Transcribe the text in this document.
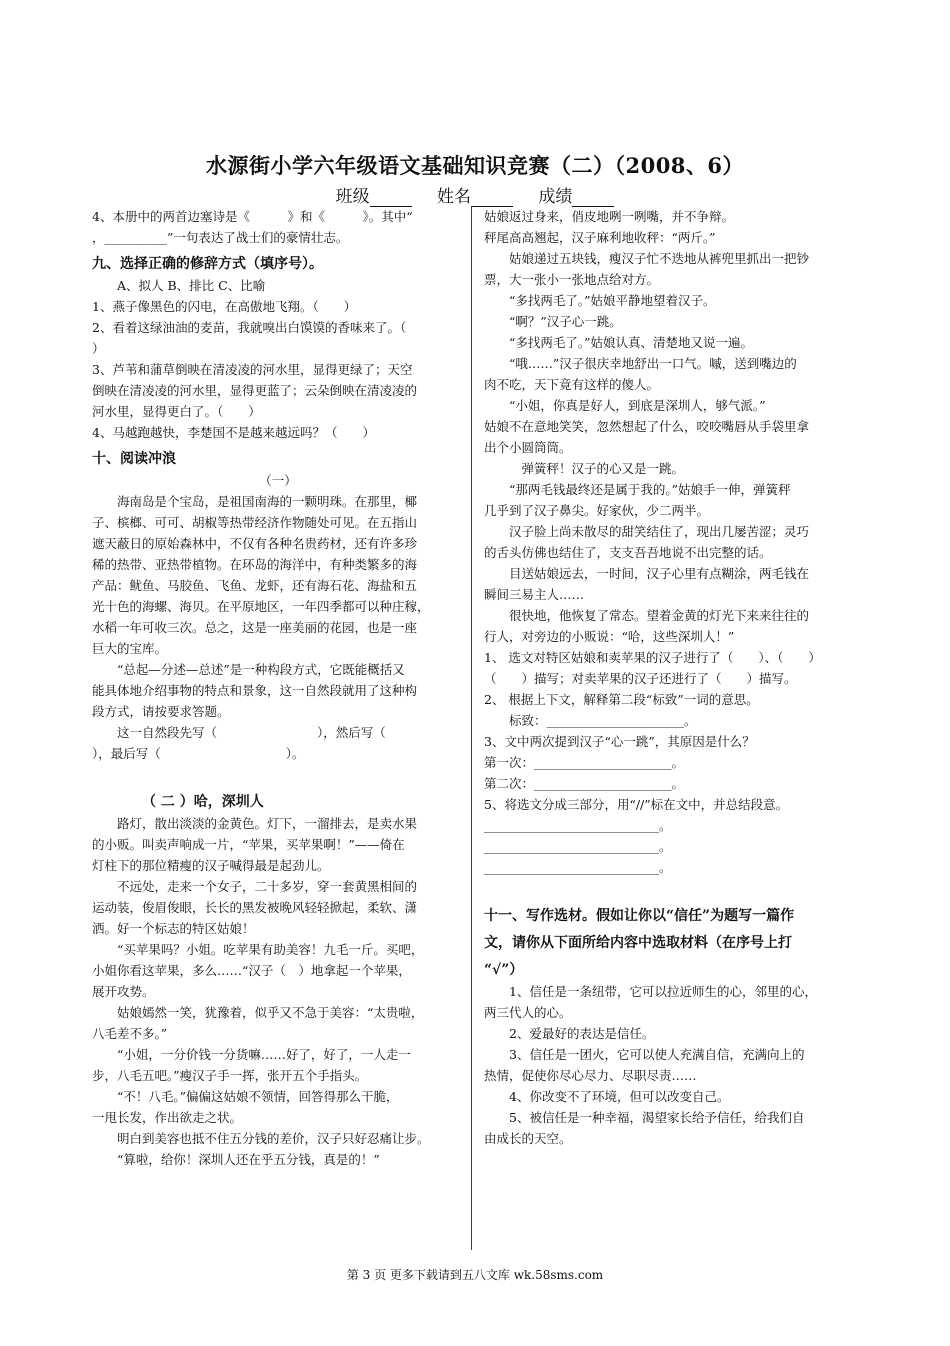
水源街小学六年级语文基础知识竞赛（二）（2008、6）
班级	姓名	成绩

4、本册中的两首边塞诗是《　　　》和《　　　》。其中“

，__________”一句表达了战士们的豪情壮志。

九、选择正确的修辞方式（填序号）。

A、拟人 B、排比 C、比喻

1、燕子像黑色的闪电，在高傲地飞翔。（　　）

2、看着这绿油油的麦苗，我就嗅出白馍馍的香味来了。（

）

3、芦苇和蒲草倒映在清凌凌的河水里，显得更绿了；天空

倒映在清凌凌的河水里，显得更蓝了；云朵倒映在清凌凌的

河水里，显得更白了。（　　）

4、马越跑越快，李楚国不是越来越远吗？（　　）

十、阅读冲浪

（一）

海南岛是个宝岛，是祖国南海的一颗明珠。在那里，椰

子、槟榔、可可、胡椒等热带经济作物随处可见。在五指山

遮天蔽日的原始森林中，不仅有各种名贵药材，还有许多珍

稀的热带、亚热带植物。在环岛的海洋中，有种类繁多的海

产品：鱿鱼、马胶鱼、飞鱼、龙虾，还有海石花、海盐和五

光十色的海螺、海贝。在平原地区，一年四季都可以种庄稼，

水稻一年可收三次。总之，这是一座美丽的花园，也是一座

巨大的宝库。

“总起—分述—总述”是一种构段方式，它既能概括又

能具体地介绍事物的特点和景象，这一自然段就用了这种构

段方式，请按要求答题。

这一自然段先写（　　　　　　　　），然后写（

），最后写（　　　　　　　　　　）。

（ 二 ）哈，深圳人

路灯，散出淡淡的金黄色。灯下，一溜排去，是卖水果

的小贩。叫卖声响成一片，“苹果，买苹果啊！”——倚在

灯柱下的那位精瘦的汉子喊得最是起劲儿。

不远处，走来一个女子，二十多岁，穿一套黄黑相间的

运动装，俊眉俊眼，长长的黑发被晚风轻轻掀起，柔软、潇

洒。好一个标志的特区姑娘！

“买苹果吗？小姐。吃苹果有助美容！九毛一斤。买吧，

小姐你看这苹果，多么……“汉子（　）地拿起一个苹果，

展开攻势。

姑娘嫣然一笑，犹豫着，似乎又不急于美容：“太贵啦，

八毛差不多。”

“小姐，一分价钱一分货嘛……好了，好了，一人走一

步，八毛五吧。”瘦汉子手一挥，张开五个手指头。

“不！八毛。”偏偏这姑娘不领情，回答得那么干脆，

一甩长发，作出欲走之状。

明白到美容也抵不住五分钱的差价，汉子只好忍痛让步。

“算啦，给你！深圳人还在乎五分钱，真是的！”

姑娘返过身来，俏皮地咧一咧嘴，并不争辩。

秤尾高高翘起，汉子麻利地收秤：“两斤。”

姑娘递过五块钱，瘦汉子忙不迭地从裤兜里抓出一把钞

票，大一张小一张地点给对方。

“多找两毛了。”姑娘平静地望着汉子。

“啊？”汉子心一跳。

“多找两毛了。”姑娘认真、清楚地又说一遍。

“哦……”汉子很庆幸地舒出一口气。嘁，送到嘴边的

肉不吃，天下竟有这样的傻人。

“小姐，你真是好人，到底是深圳人，够气派。”

姑娘不在意地笑笑，忽然想起了什么，咬咬嘴唇从手袋里拿

出个小圆筒筒。

　弹簧秤！汉子的心又是一跳。

“那两毛钱最终还是属于我的。”姑娘手一伸，弹簧秤

几乎到了汉子鼻尖。好家伙，少二两半。

汉子脸上尚未散尽的甜笑结住了，现出几屡苦涩；灵巧

的舌头仿佛也结住了，支支吾吾地说不出完整的话。

目送姑娘远去，一时间，汉子心里有点糊涂，两毛钱在

瞬间三易主人……

很快地，他恢复了常态。望着金黄的灯光下来来往往的

行人，对旁边的小贩说：“哈，这些深圳人！”

1、 选文对特区姑娘和卖苹果的汉子进行了（　　）、（　　）

（　　）描写；对卖苹果的汉子还进行了（　　）描写。

2、 根据上下文，解释第二段“标致”一词的意思。

标致：______________________。

3、文中两次提到汉子“心一跳”，其原因是什么？

第一次：______________________。

第二次：______________________。

5、将选文分成三部分，用“//”标在文中，并总结段意。

____________________________。

____________________________。

____________________________。

十一、写作选材。假如让你以“信任”为题写一篇作

文，请你从下面所给内容中选取材料（在序号上打

“√”）

1、信任是一条纽带，它可以拉近师生的心，邻里的心，

两三代人的心。

2、爱最好的表达是信任。

3、信任是一团火，它可以使人充满自信，充满向上的

热情，促使你尽心尽力、尽职尽责……

4、你改变不了环境，但可以改变自己。

5、被信任是一种幸福，渴望家长给予信任，给我们自

由成长的天空。

第 3 页 更多下载请到五八文库 wk.58sms.com
